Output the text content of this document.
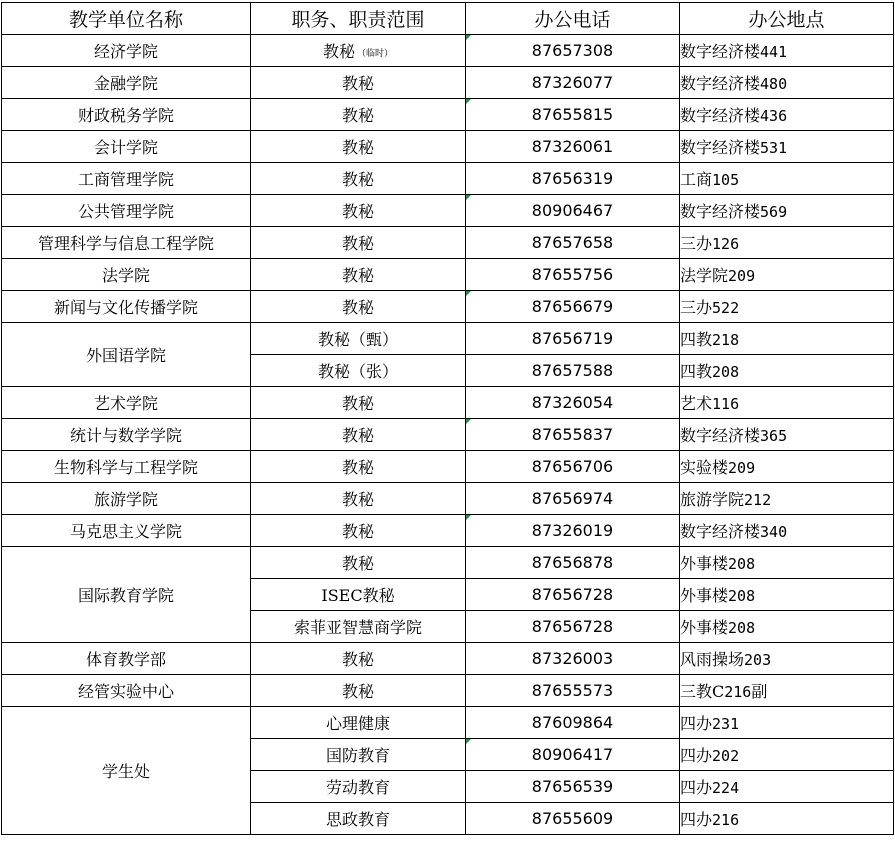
教学单位名称	职务、职责范围	办公电话	办公地点
经济学院	教秘 （临时）	87657308	数字经济楼441
金融学院	教秘	87326077	数字经济楼480
财政税务学院	教秘	87655815	数字经济楼436
会计学院	教秘	87326061	数字经济楼531
工商管理学院	教秘	87656319	工商105
公共管理学院	教秘	80906467	数字经济楼569
管理科学与信息工程学院	教秘	87657658	三办126
法学院	教秘	87655756	法学院209
新闻与文化传播学院	教秘	87656679	三办522
外国语学院	教秘（甄）	87656719	四教218
	教秘（张）	87657588	四教208
艺术学院	教秘	87326054	艺术116
统计与数学学院	教秘	87655837	数字经济楼365
生物科学与工程学院	教秘	87656706	实验楼209
旅游学院	教秘	87656974	旅游学院212
马克思主义学院	教秘	87326019	数字经济楼340
国际教育学院	教秘	87656878	外事楼208
	ISEC教秘	87656728	外事楼208
	索菲亚智慧商学院	87656728	外事楼208
体育教学部	教秘	87326003	风雨操场203
经管实验中心	教秘	87655573	三教C216副
学生处	心理健康	87609864	四办231
	国防教育	80906417	四办202
	劳动教育	87656539	四办224
	思政教育	87655609	四办216
